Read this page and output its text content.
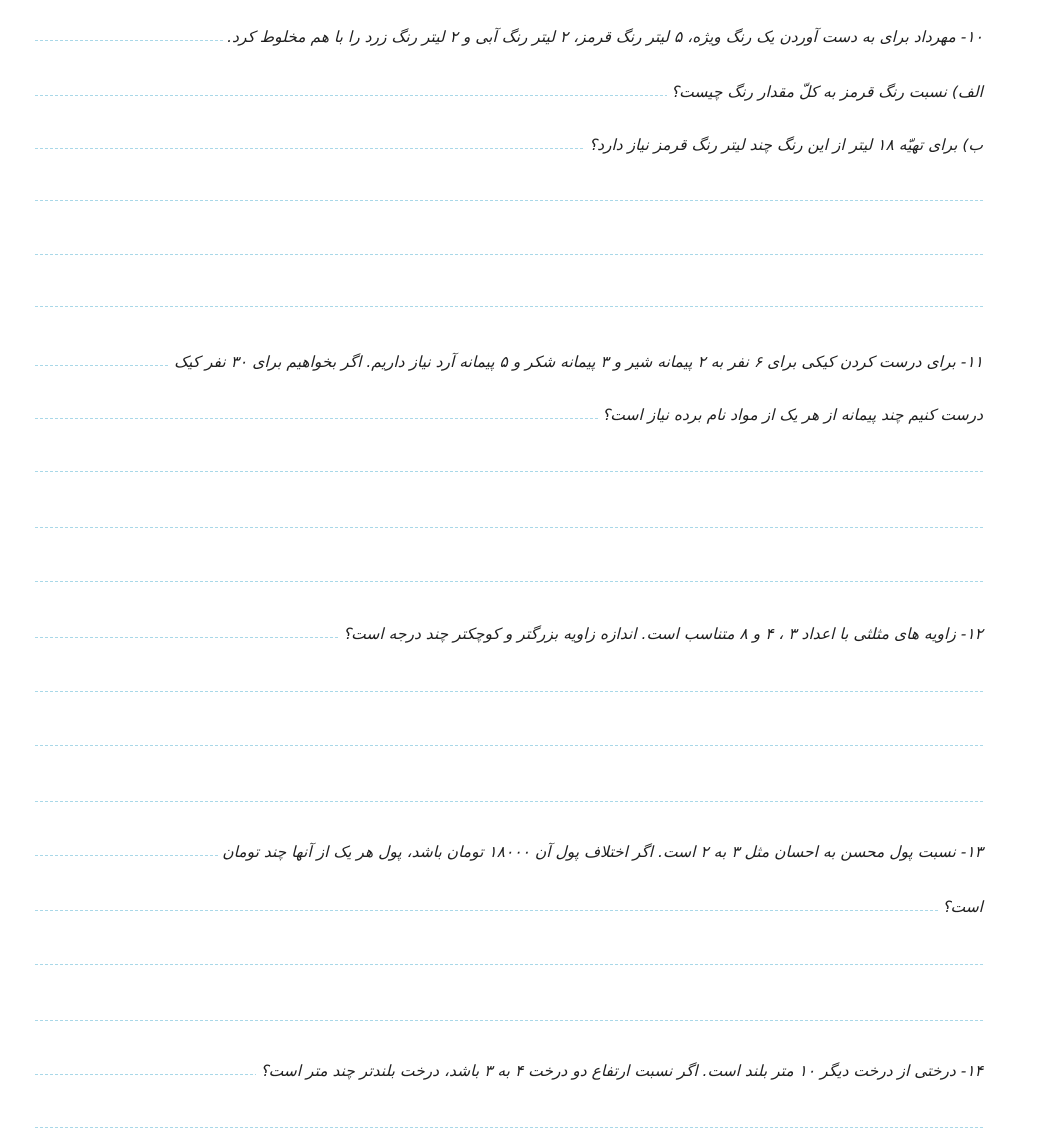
۱۰- مهرداد برای به دست آوردن یک رنگ ویژه، ۵ لیتر رنگ قرمز، ۲ لیتر رنگ آبی و ۲ لیتر رنگ زرد را با هم مخلوط کرد.
الف) نسبت رنگ قرمز به کلّ مقدار رنگ چیست؟
ب) برای تهیّه ۱۸ لیتر از این رنگ چند لیتر رنگ قرمز نیاز دارد؟
۱۱- برای درست کردن کیکی برای ۶ نفر به ۲ پیمانه شیر و ۳ پیمانه شکر و ۵ پیمانه آرد نیاز داریم. اگر بخواهیم برای ۳۰ نفر کیک
درست کنیم چند پیمانه از هر یک از مواد نام برده نیاز است؟
۱۲- زاویه های مثلثی با اعداد ۳ ، ۴ و ۸ متناسب است. اندازه زاویه بزرگتر و کوچکتر چند درجه است؟
۱۳- نسبت پول محسن به احسان مثل ۳ به ۲ است. اگر اختلاف پول آن ۱۸۰۰۰ تومان باشد، پول هر یک از آنها چند تومان
است؟
۱۴- درختی از درخت دیگر ۱۰ متر بلند است. اگر نسبت ارتفاع دو درخت ۴ به ۳ باشد، درخت بلندتر چند متر است؟
